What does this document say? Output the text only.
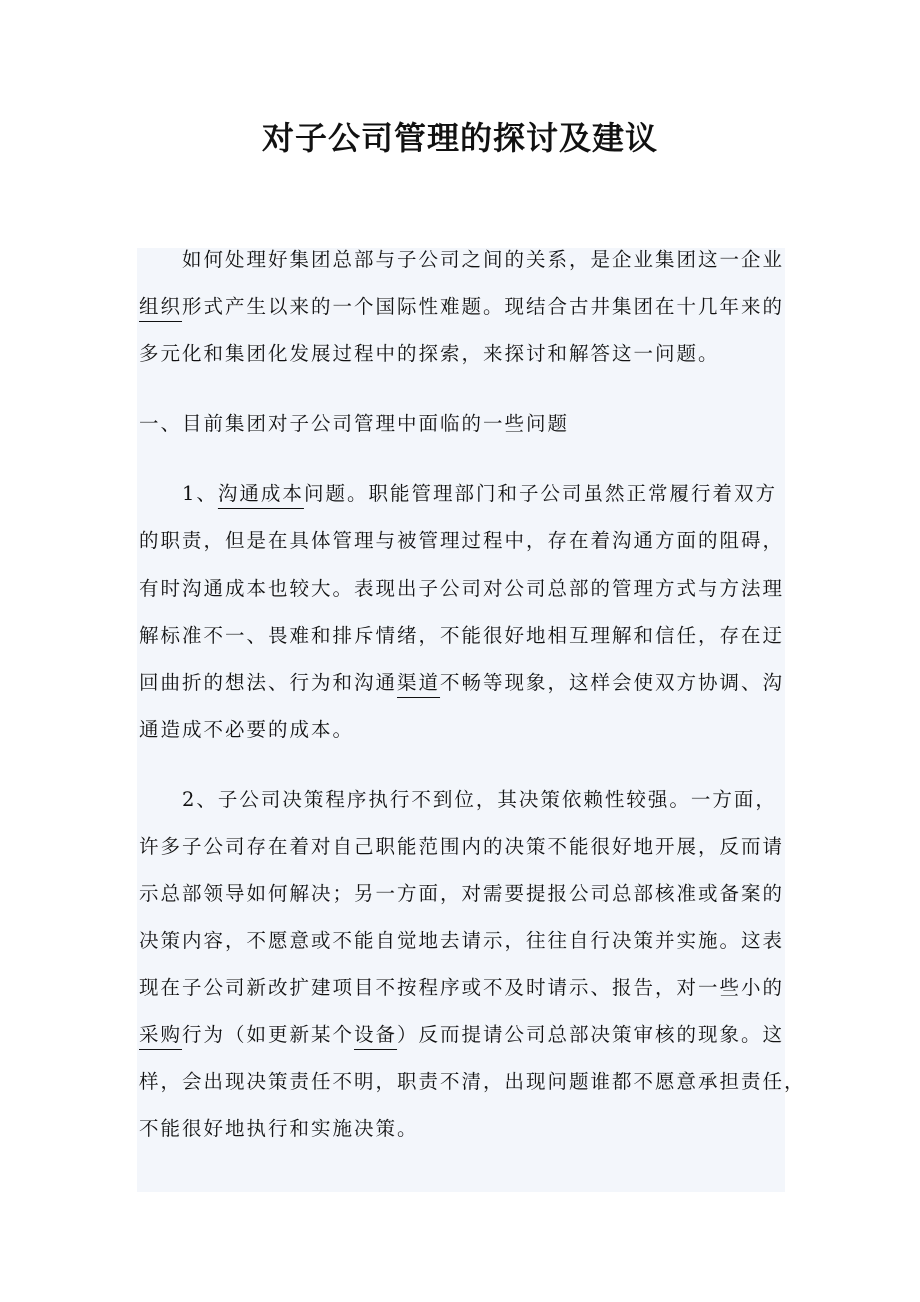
对子公司管理的探讨及建议
　　如何处理好集团总部与子公司之间的关系，是企业集团这一企业
组织形式产生以来的一个国际性难题。现结合古井集团在十几年来的
多元化和集团化发展过程中的探索，来探讨和解答这一问题。
一、目前集团对子公司管理中面临的一些问题
　　1、沟通成本问题。职能管理部门和子公司虽然正常履行着双方
的职责，但是在具体管理与被管理过程中，存在着沟通方面的阻碍，
有时沟通成本也较大。表现出子公司对公司总部的管理方式与方法理
解标准不一、畏难和排斥情绪，不能很好地相互理解和信任，存在迂
回曲折的想法、行为和沟通渠道不畅等现象，这样会使双方协调、沟
通造成不必要的成本。
　　2、子公司决策程序执行不到位，其决策依赖性较强。一方面，
许多子公司存在着对自己职能范围内的决策不能很好地开展，反而请
示总部领导如何解决；另一方面，对需要提报公司总部核准或备案的
决策内容，不愿意或不能自觉地去请示，往往自行决策并实施。这表
现在子公司新改扩建项目不按程序或不及时请示、报告，对一些小的
采购行为（如更新某个设备）反而提请公司总部决策审核的现象。这
样，会出现决策责任不明，职责不清，出现问题谁都不愿意承担责任，
不能很好地执行和实施决策。
